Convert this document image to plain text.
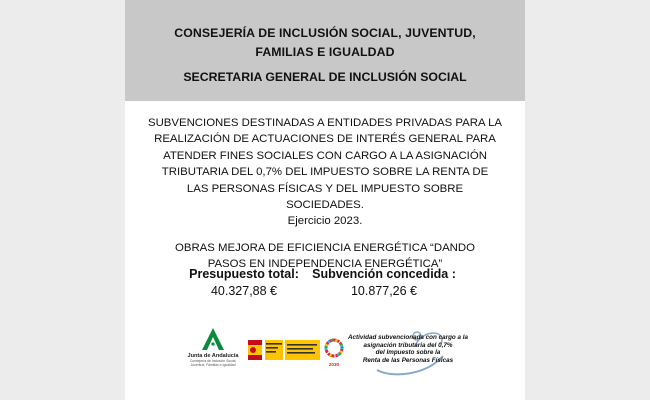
CONSEJERÍA DE INCLUSIÓN SOCIAL, JUVENTUD,
FAMILIAS E IGUALDAD
SECRETARIA GENERAL DE INCLUSIÓN SOCIAL
SUBVENCIONES DESTINADAS A ENTIDADES PRIVADAS PARA LA
REALIZACIÓN DE ACTUACIONES DE INTERÉS GENERAL PARA
ATENDER FINES SOCIALES CON CARGO A LA ASIGNACIÓN
TRIBUTARIA DEL 0,7% DEL IMPUESTO SOBRE LA RENTA DE
LAS PERSONAS FÍSICAS Y DEL IMPUESTO SOBRE SOCIEDADES.
Ejercicio 2023.
OBRAS MEJORA DE EFICIENCIA ENERGÉTICA “DANDO
PASOS EN INDEPENDENCIA ENERGÉTICA”
Presupuesto total:
40.327,88 €
Subvención concedida :
10.877,26 €
Junta de Andalucía
Consejería de Inclusión Social,
Juventud, Familias e Igualdad	2030
Actividad subvencionada con cargo a la
asignación tributaria del 0,7%
del Impuesto sobre la
Renta de las Personas Físicas
